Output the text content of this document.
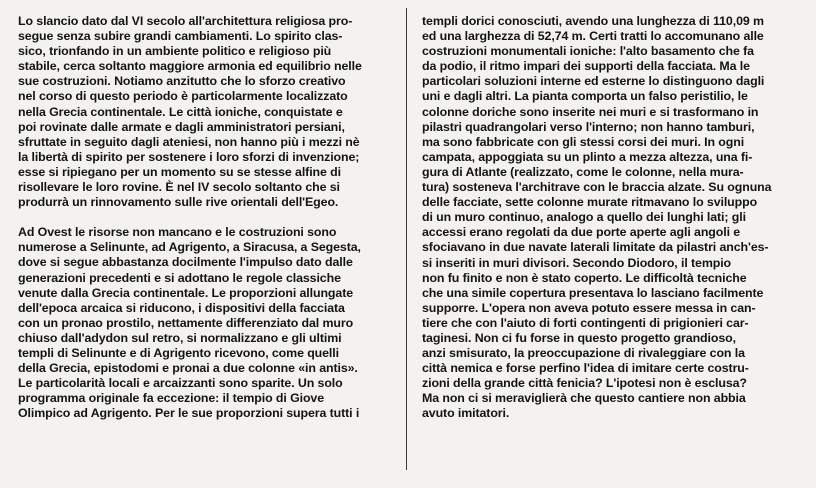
Lo slancio dato dal VI secolo all'architettura religiosa pro-
segue senza subire grandi cambiamenti. Lo spirito clas-
sico, trionfando in un ambiente politico e religioso più
stabile, cerca soltanto maggiore armonia ed equilibrio nelle
sue costruzioni. Notiamo anzitutto che lo sforzo creativo
nel corso di questo periodo è particolarmente localizzato
nella Grecia continentale. Le città ioniche, conquistate e
poi rovinate dalle armate e dagli amministratori persiani,
sfruttate in seguito dagli ateniesi, non hanno più i mezzi nè
la libertà di spirito per sostenere i loro sforzi di invenzione;
esse si ripiegano per un momento su se stesse alfine di
risollevare le loro rovine. È nel IV secolo soltanto che si
produrrà un rinnovamento sulle rive orientali dell'Egeo.
Ad Ovest le risorse non mancano e le costruzioni sono
numerose a Selinunte, ad Agrigento, a Siracusa, a Segesta,
dove si segue abbastanza docilmente l'impulso dato dalle
generazioni precedenti e si adottano le regole classiche
venute dalla Grecia continentale. Le proporzioni allungate
dell'epoca arcaica si riducono, i dispositivi della facciata
con un pronao prostilo, nettamente differenziato dal muro
chiuso dall'adydon sul retro, si normalizzano e gli ultimi
templi di Selinunte e di Agrigento ricevono, come quelli
della Grecia, epistodomi e pronai a due colonne «in antis».
Le particolarità locali e arcaizzanti sono sparite. Un solo
programma originale fa eccezione: il tempio di Giove
Olimpico ad Agrigento. Per le sue proporzioni supera tutti i
templi dorici conosciuti, avendo una lunghezza di 110,09 m
ed una larghezza di 52,74 m. Certi tratti lo accomunano alle
costruzioni monumentali ioniche: l'alto basamento che fa
da podio, il ritmo impari dei supporti della facciata. Ma le
particolari soluzioni interne ed esterne lo distinguono dagli
uni e dagli altri. La pianta comporta un falso peristilio, le
colonne doriche sono inserite nei muri e si trasformano in
pilastri quadrangolari verso l'interno; non hanno tamburi,
ma sono fabbricate con gli stessi corsi dei muri. In ogni
campata, appoggiata su un plinto a mezza altezza, una fi-
gura di Atlante (realizzato, come le colonne, nella mura-
tura) sosteneva l'architrave con le braccia alzate. Su ognuna
delle facciate, sette colonne murate ritmavano lo sviluppo
di un muro continuo, analogo a quello dei lunghi lati; gli
accessi erano regolati da due porte aperte agli angoli e
sfociavano in due navate laterali limitate da pilastri anch'es-
si inseriti in muri divisori. Secondo Diodoro, il tempio
non fu finito e non è stato coperto. Le difficoltà tecniche
che una simile copertura presentava lo lasciano facilmente
supporre. L'opera non aveva potuto essere messa in can-
tiere che con l'aiuto di forti contingenti di prigionieri car-
taginesi. Non ci fu forse in questo progetto grandioso,
anzi smisurato, la preoccupazione di rivaleggiare con la
città nemica e forse perfino l'idea di imitare certe costru-
zioni della grande città fenicia? L'ipotesi non è esclusa?
Ma non ci si meraviglierà che questo cantiere non abbia
avuto imitatori.
